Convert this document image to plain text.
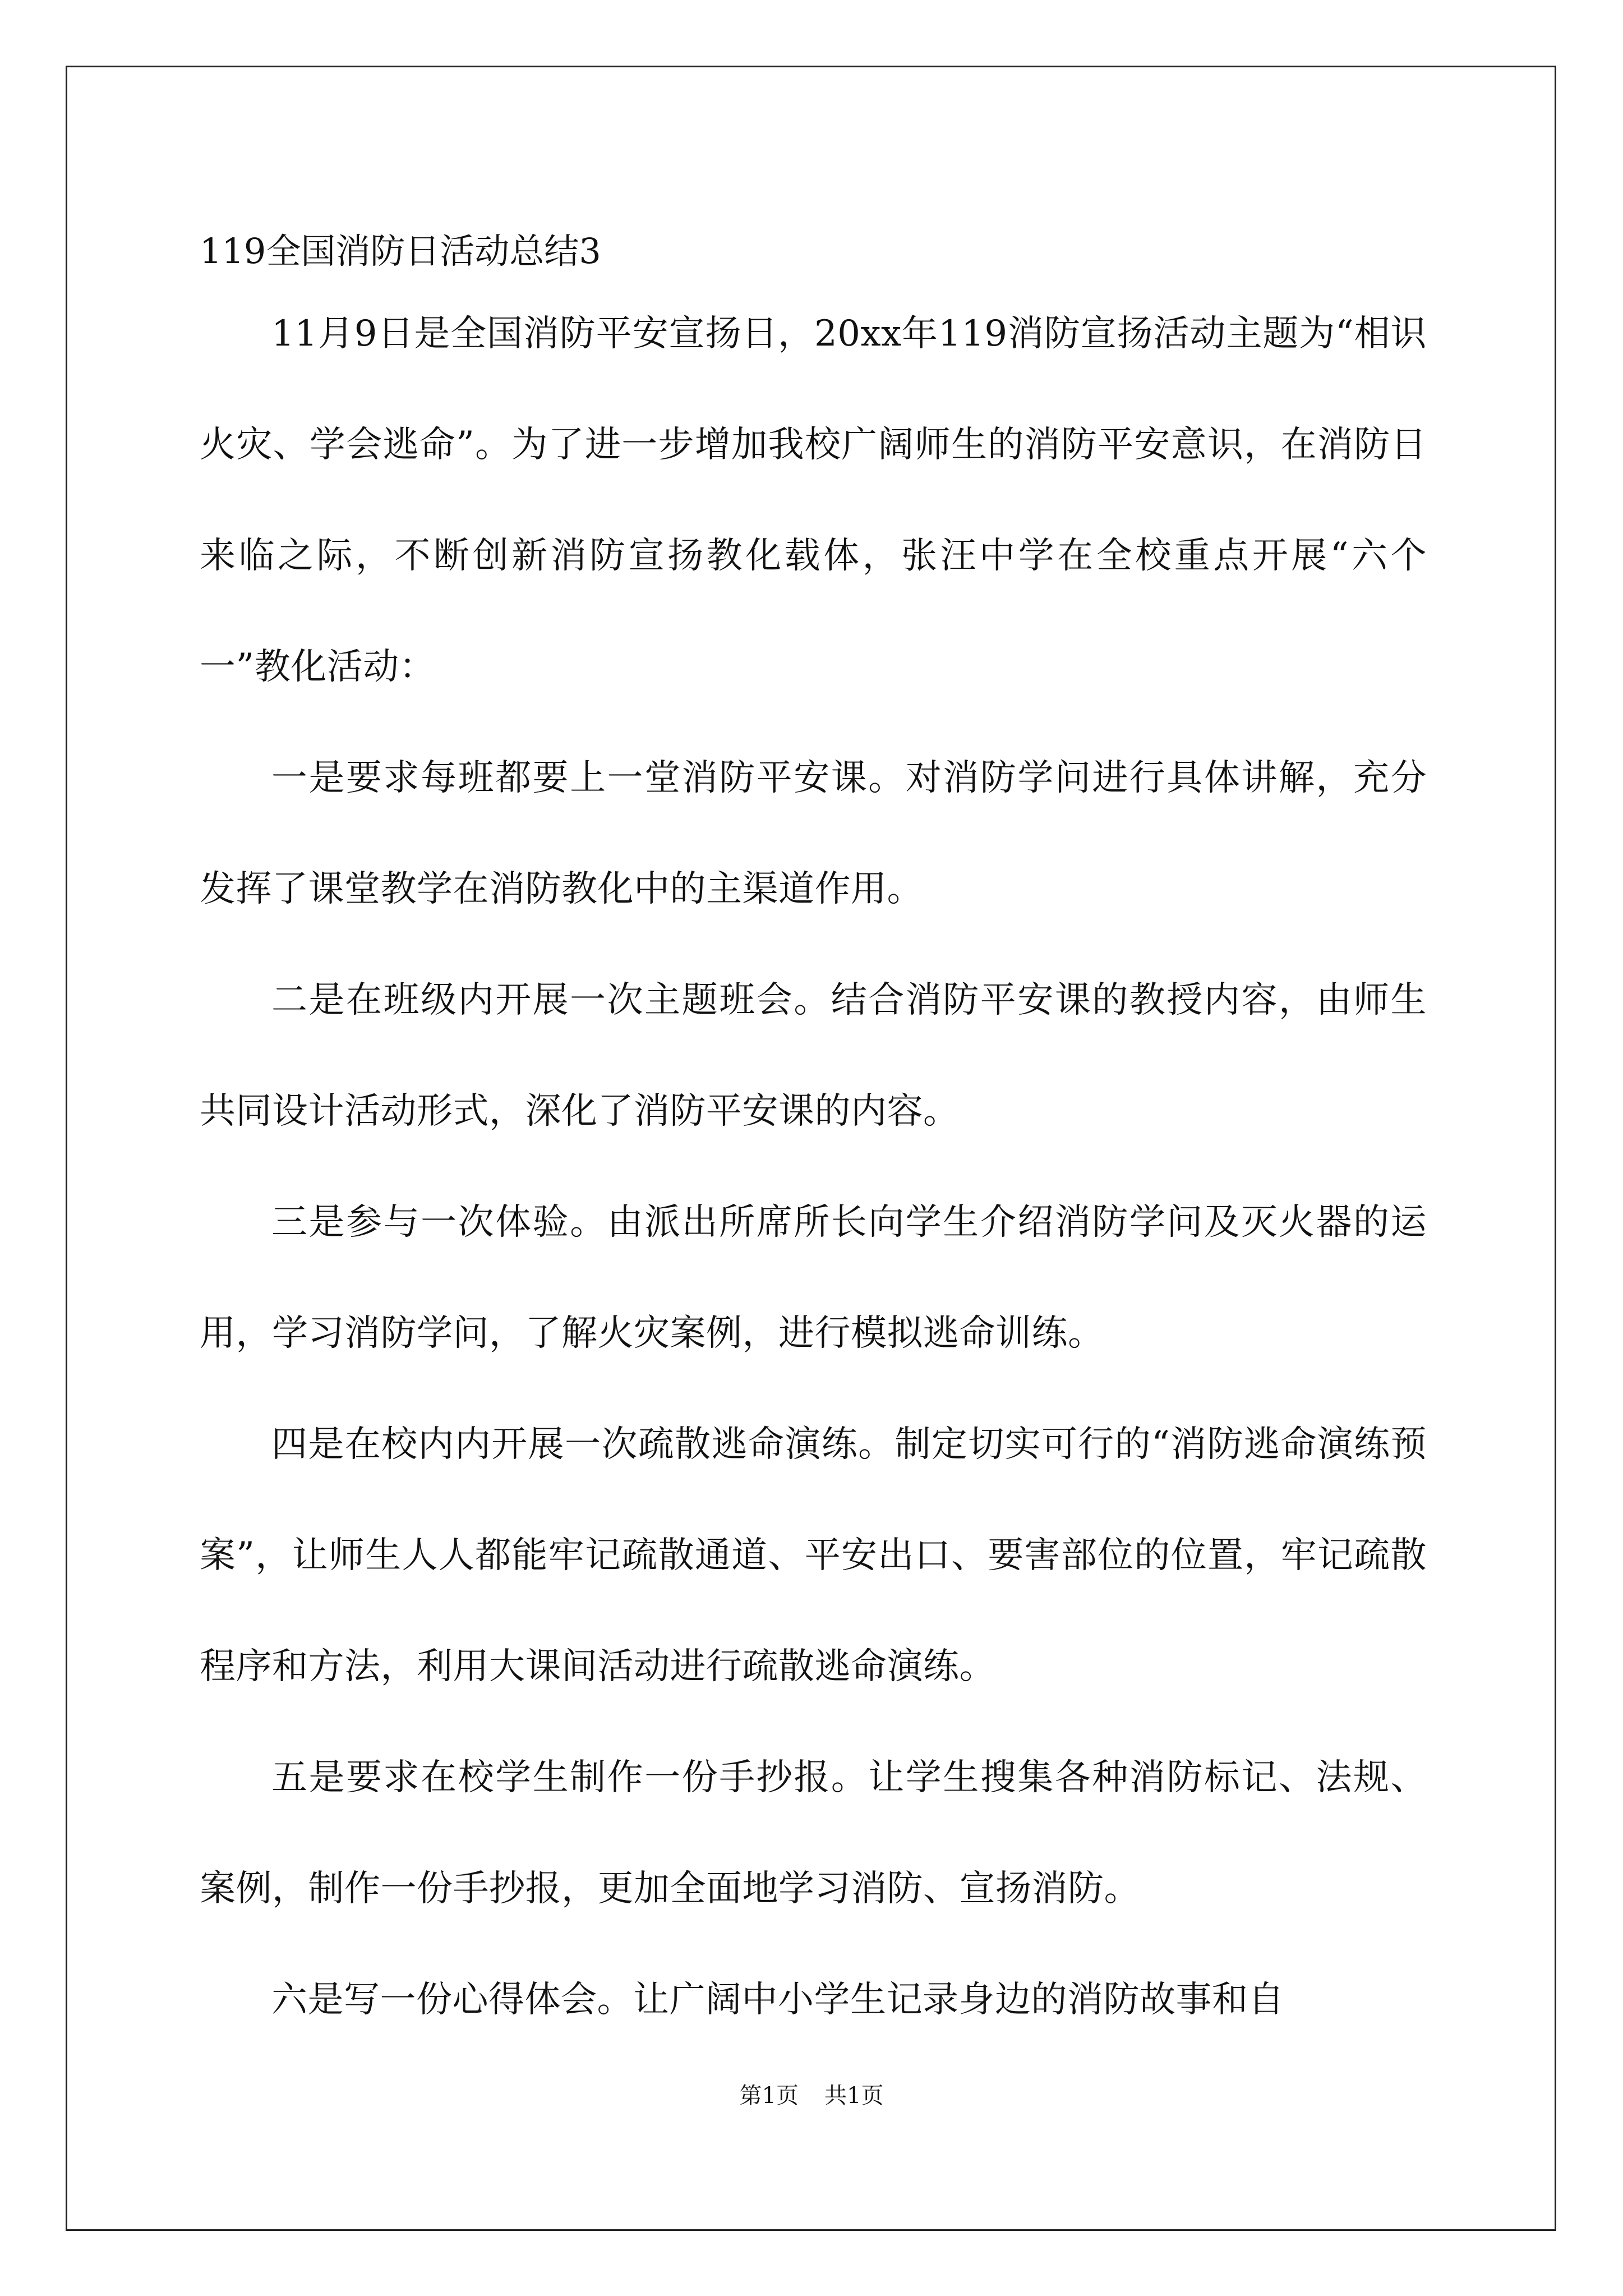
119全国消防日活动总结3

11月9日是全国消防平安宣扬日，20xx年119消防宣扬活动主题为“相识火灾、学会逃命”。为了进一步增加我校广阔师生的消防平安意识，在消防日来临之际，不断创新消防宣扬教化载体，张汪中学在全校重点开展“六个一”教化活动：

一是要求每班都要上一堂消防平安课。对消防学问进行具体讲解，充分发挥了课堂教学在消防教化中的主渠道作用。

二是在班级内开展一次主题班会。结合消防平安课的教授内容，由师生共同设计活动形式，深化了消防平安课的内容。

三是参与一次体验。由派出所席所长向学生介绍消防学问及灭火器的运用，学习消防学问，了解火灾案例，进行模拟逃命训练。

四是在校内内开展一次疏散逃命演练。制定切实可行的“消防逃命演练预案”，让师生人人都能牢记疏散通道、平安出口、要害部位的位置，牢记疏散程序和方法，利用大课间活动进行疏散逃命演练。

五是要求在校学生制作一份手抄报。让学生搜集各种消防标记、法规、案例，制作一份手抄报，更加全面地学习消防、宣扬消防。

六是写一份心得体会。让广阔中小学生记录身边的消防故事和自

第1页 共1页
